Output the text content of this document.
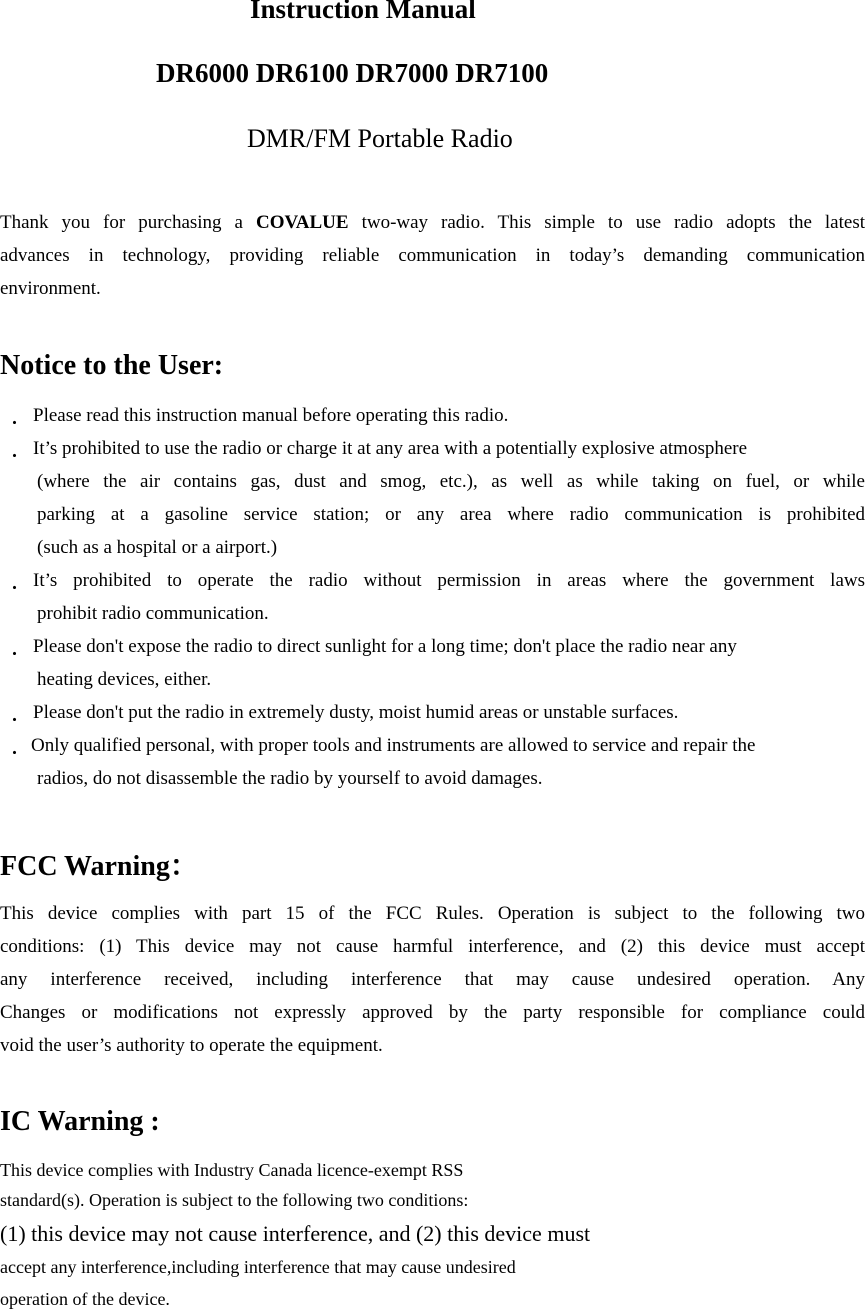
Instruction Manual
DR6000 DR6100 DR7000 DR7100
DMR/FM Portable Radio
Thank you for purchasing a COVALUE two-way radio. This simple to use radio adopts the latest
advances in technology, providing reliable communication in today’s demanding communication
environment.
Notice to the User:
・ Please read this instruction manual before operating this radio.
・ It’s prohibited to use the radio or charge it at any area with a potentially explosive atmosphere
(where the air contains gas, dust and smog, etc.), as well as while taking on fuel, or while
parking at a gasoline service station; or any area where radio communication is prohibited
(such as a hospital or a airport.)
・ It’s prohibited to operate the radio without permission in areas where the government laws
prohibit radio communication.
・ Please don't expose the radio to direct sunlight for a long time; don't place the radio near any
heating devices, either.
・ Please don't put the radio in extremely dusty, moist humid areas or unstable surfaces.
・ Only qualified personal, with proper tools and instruments are allowed to service and repair the
radios, do not disassemble the radio by yourself to avoid damages.
FCC Warning：
This device complies with part 15 of the FCC Rules. Operation is subject to the following two
conditions: (1) This device may not cause harmful interference, and (2) this device must accept
any interference received, including interference that may cause undesired operation. Any
Changes or modifications not expressly approved by the party responsible for compliance could
void the user’s authority to operate the equipment.
IC Warning :
This device complies with Industry Canada licence-exempt RSS
standard(s). Operation is subject to the following two conditions:
(1) this device may not cause interference, and (2) this device must
accept any interference,including interference that may cause undesired
operation of the device.
